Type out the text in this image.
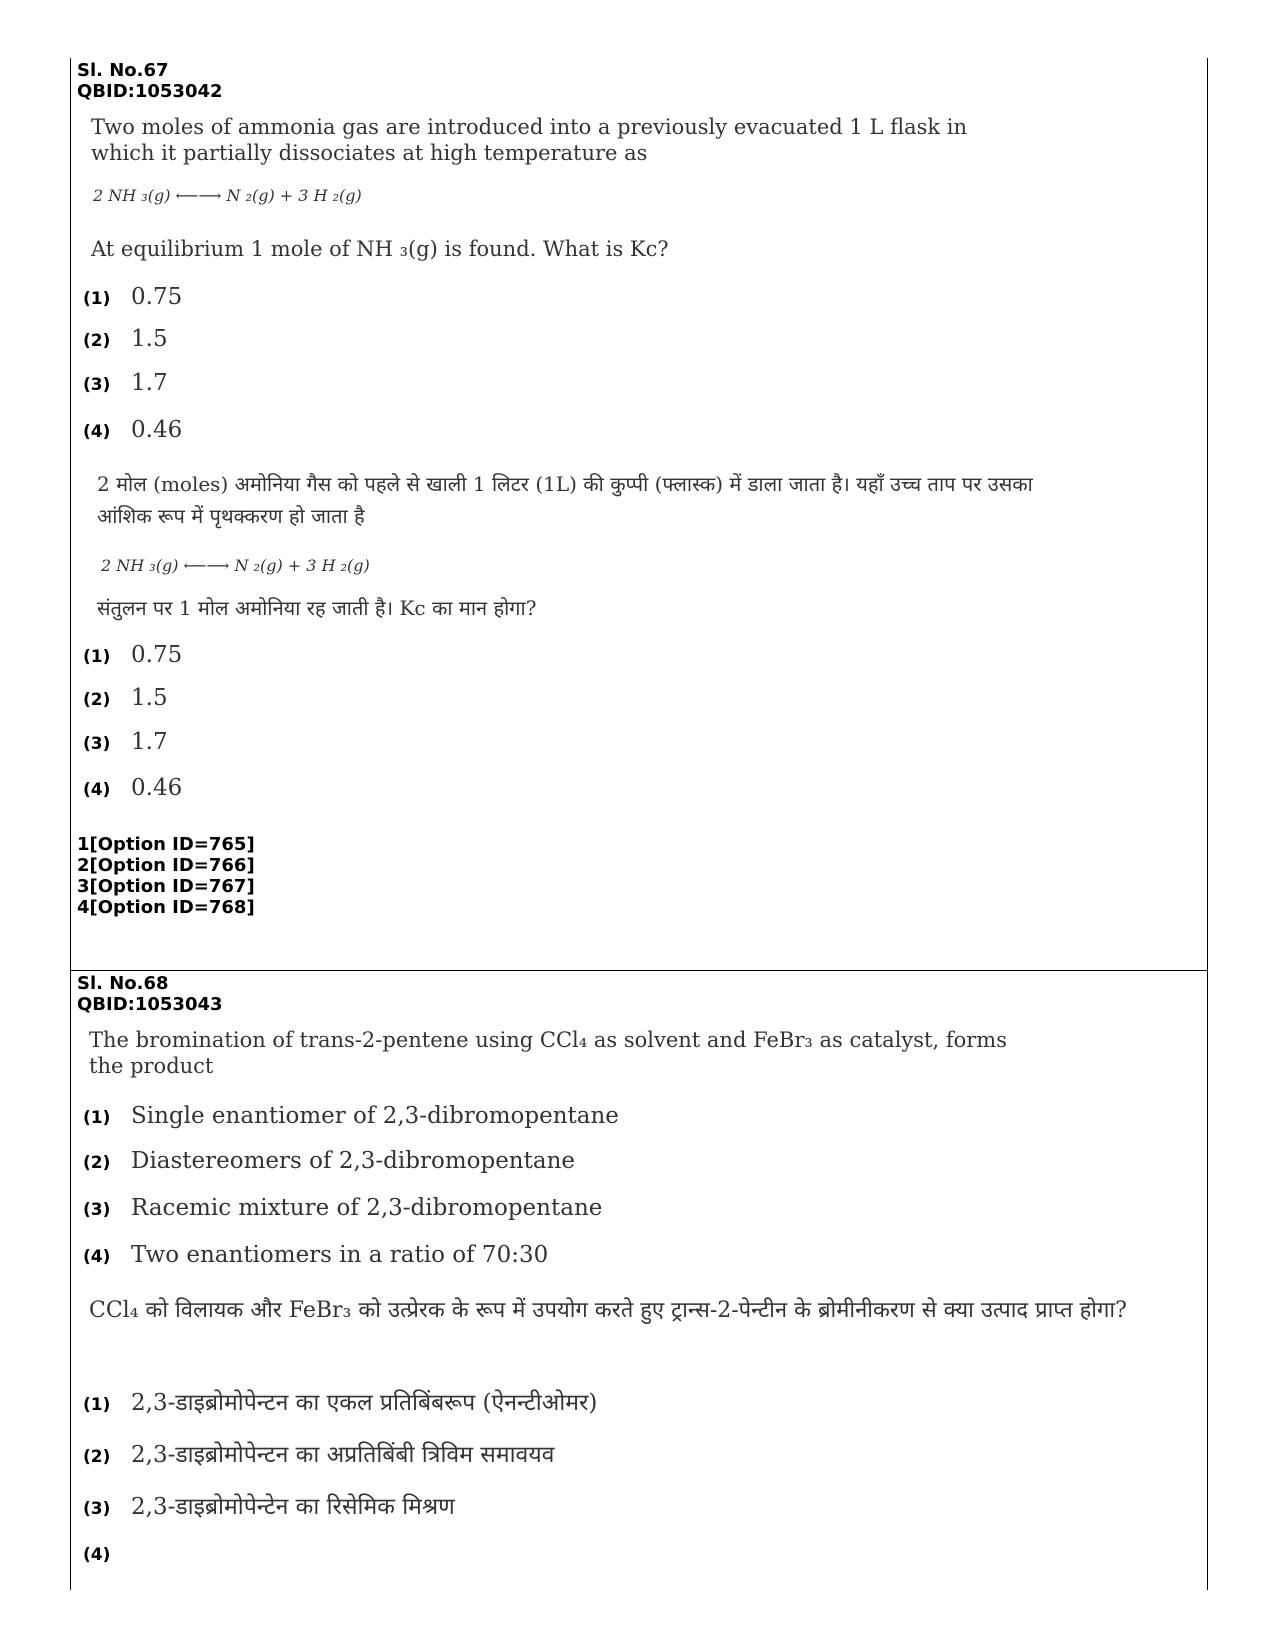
Sl. No.67
QBID:1053042
Two moles of ammonia gas are introduced into a previously evacuated 1 L flask in which it partially dissociates at high temperature as
2 NH ₃(g) ⟵⟶ N ₂(g) + 3 H ₂(g)
At equilibrium 1 mole of NH ₃(g) is found. What is Kc?
(1) 0.75
(2) 1.5
(3) 1.7
(4) 0.46
2 मोल (moles) अमोनिया गैस को पहले से खाली 1 लिटर (1L) की कुप्पी (फ्लास्क) में डाला जाता है। यहाँ उच्च ताप पर उसका आंशिक रूप में पृथक्करण हो जाता है
2 NH ₃(g) ⟵⟶ N ₂(g) + 3 H ₂(g)
संतुलन पर 1 मोल अमोनिया रह जाती है। Kc का मान होगा?
(1) 0.75
(2) 1.5
(3) 1.7
(4) 0.46
1[Option ID=765]
2[Option ID=766]
3[Option ID=767]
4[Option ID=768]
Sl. No.68
QBID:1053043
The bromination of trans-2-pentene using CCl₄ as solvent and FeBr₃ as catalyst, forms the product
(1) Single enantiomer of 2,3-dibromopentane
(2) Diastereomers of 2,3-dibromopentane
(3) Racemic mixture of 2,3-dibromopentane
(4) Two enantiomers in a ratio of 70:30
CCl₄ को विलायक और FeBr₃ को उत्प्रेरक के रूप में उपयोग करते हुए ट्रान्स-2-पेन्टीन के ब्रोमीनीकरण से क्या उत्पाद प्राप्त होगा?
(1) 2,3-डाइब्रोमोपेन्टन का एकल प्रतिबिंबरूप (ऐनन्टीओमर)
(2) 2,3-डाइब्रोमोपेन्टन का अप्रतिबिंबी त्रिविम समावयव
(3) 2,3-डाइब्रोमोपेन्टेन का रिसेमिक मिश्रण
(4)
